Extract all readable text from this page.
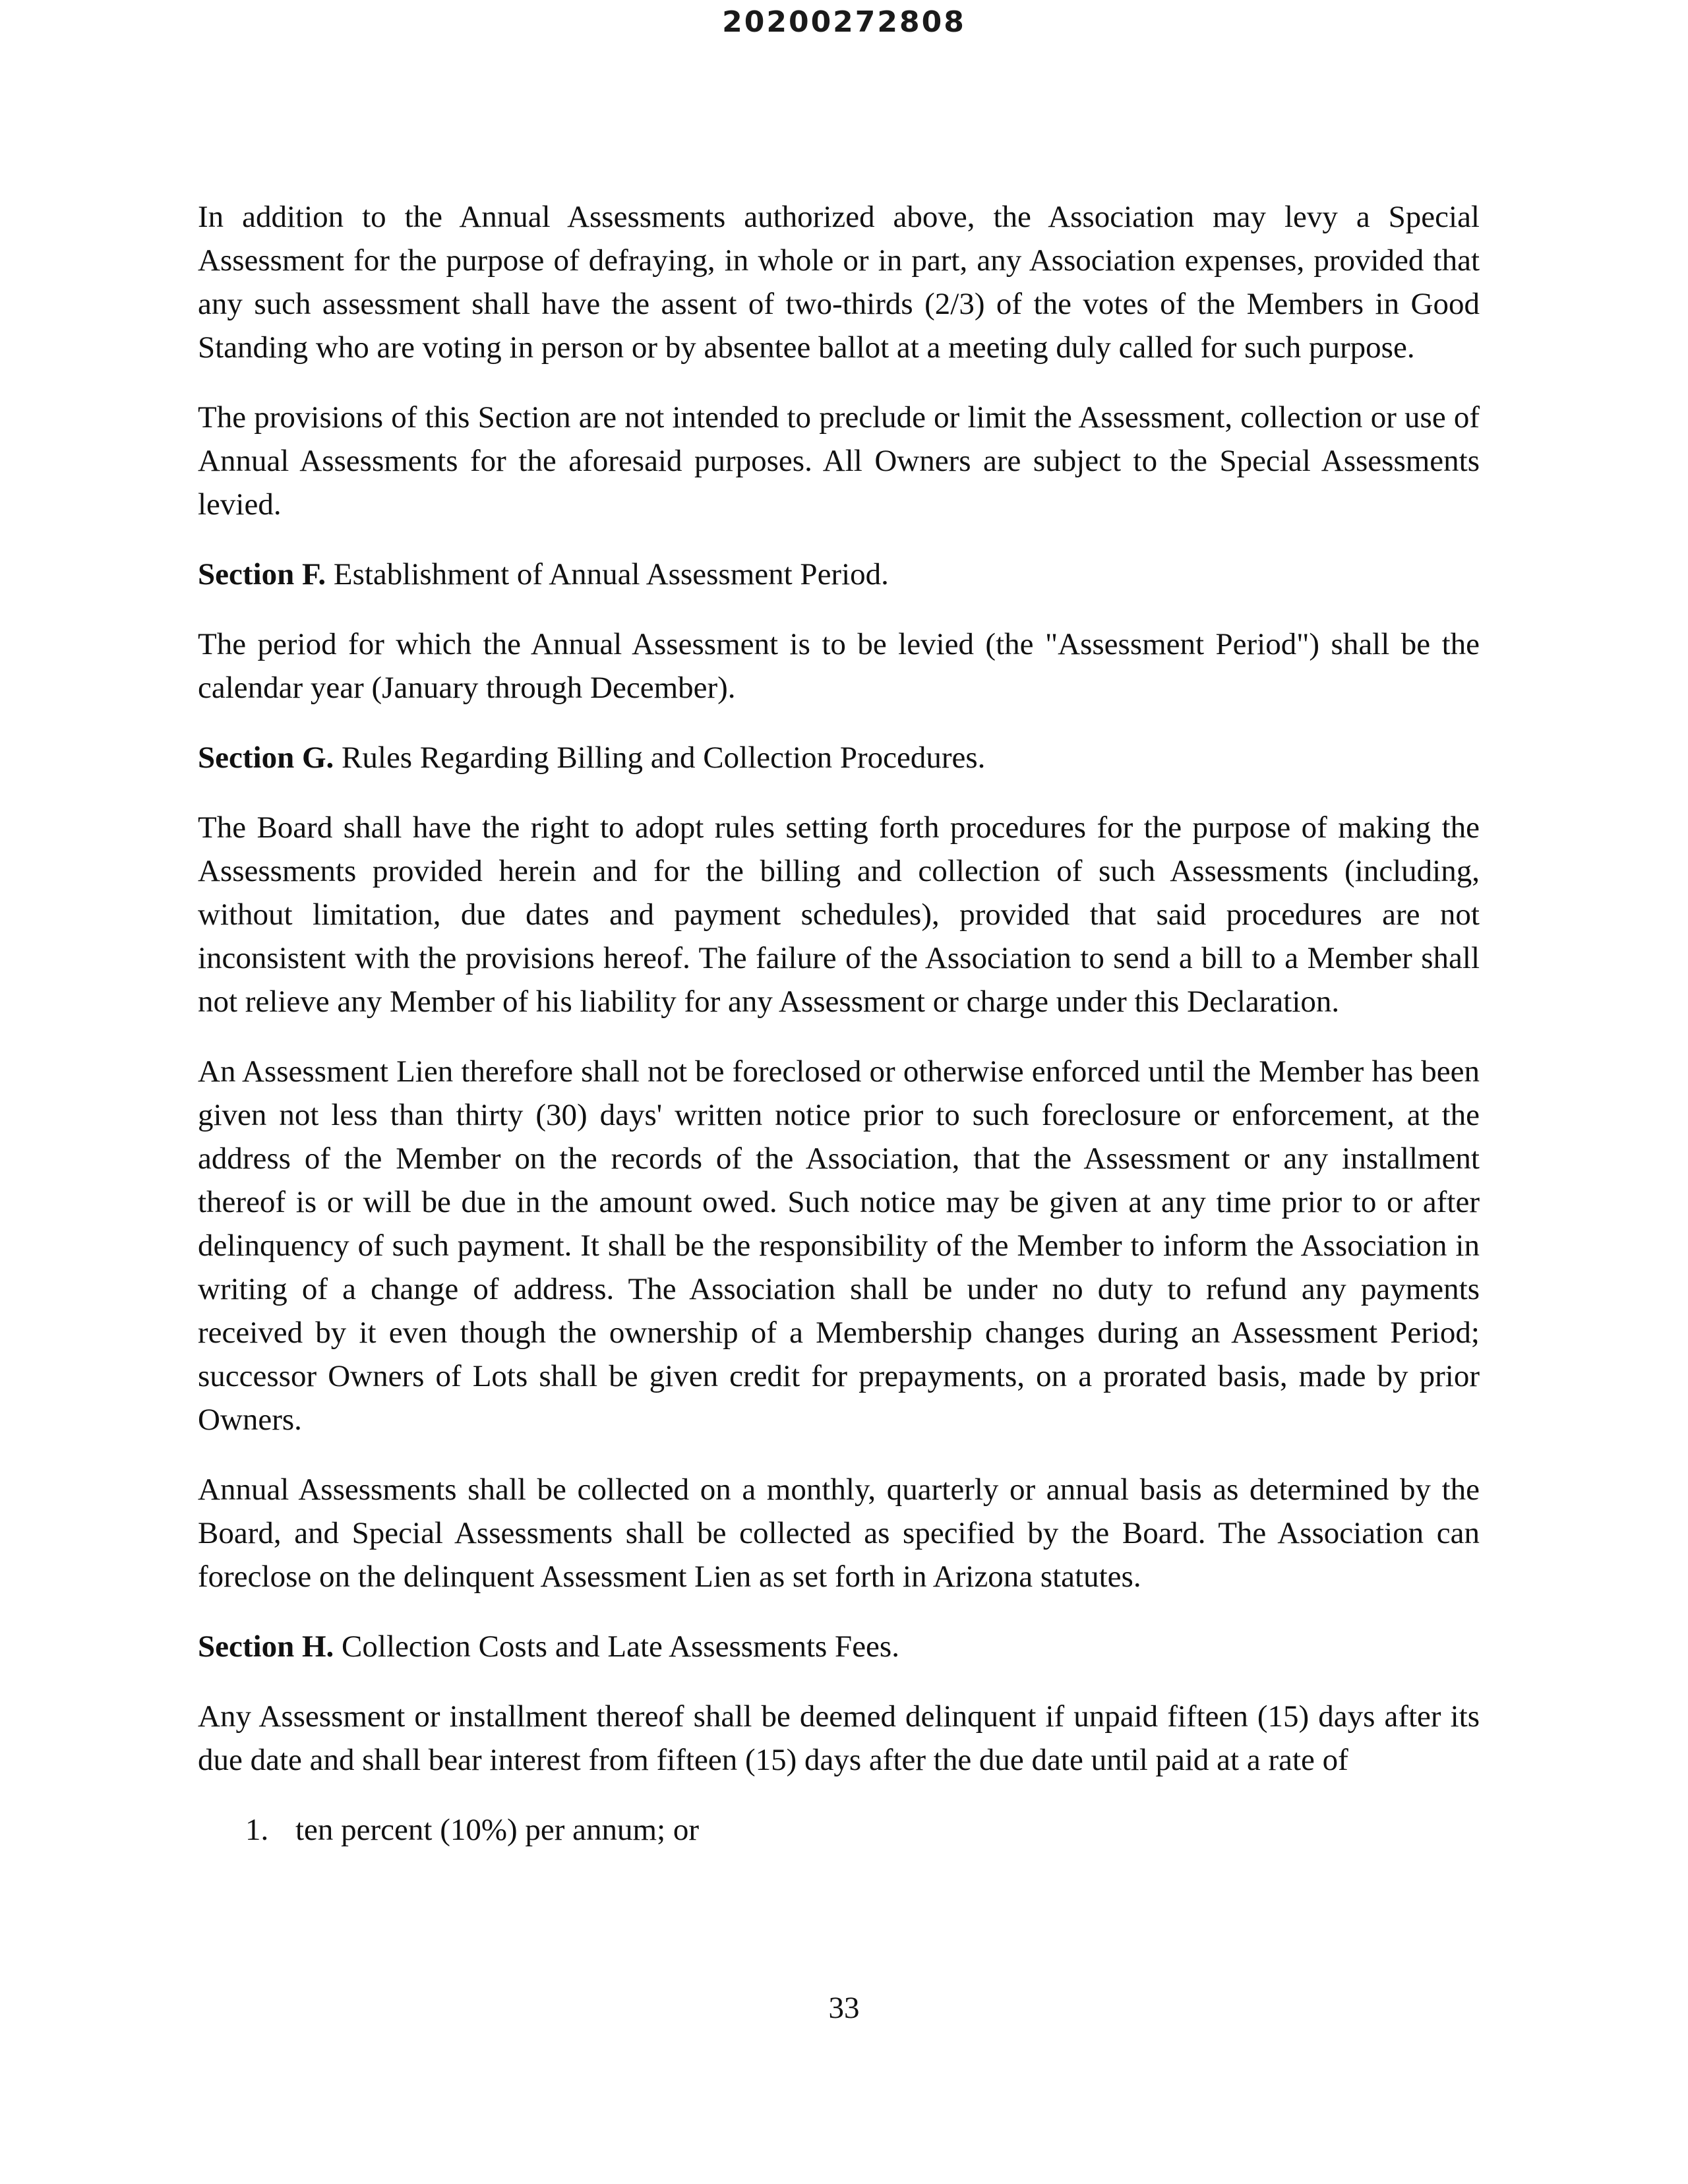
20200272808

In addition to the Annual Assessments authorized above, the Association may levy a Special Assessment for the purpose of defraying, in whole or in part, any Association expenses, provided that any such assessment shall have the assent of two-thirds (2/3) of the votes of the Members in Good Standing who are voting in person or by absentee ballot at a meeting duly called for such purpose.

The provisions of this Section are not intended to preclude or limit the Assessment, collection or use of Annual Assessments for the aforesaid purposes. All Owners are subject to the Special Assessments levied.

Section F. Establishment of Annual Assessment Period.

The period for which the Annual Assessment is to be levied (the "Assessment Period") shall be the calendar year (January through December).

Section G. Rules Regarding Billing and Collection Procedures.

The Board shall have the right to adopt rules setting forth procedures for the purpose of making the Assessments provided herein and for the billing and collection of such Assessments (including, without limitation, due dates and payment schedules), provided that said procedures are not inconsistent with the provisions hereof. The failure of the Association to send a bill to a Member shall not relieve any Member of his liability for any Assessment or charge under this Declaration.

An Assessment Lien therefore shall not be foreclosed or otherwise enforced until the Member has been given not less than thirty (30) days' written notice prior to such foreclosure or enforcement, at the address of the Member on the records of the Association, that the Assessment or any installment thereof is or will be due in the amount owed. Such notice may be given at any time prior to or after delinquency of such payment. It shall be the responsibility of the Member to inform the Association in writing of a change of address. The Association shall be under no duty to refund any payments received by it even though the ownership of a Membership changes during an Assessment Period; successor Owners of Lots shall be given credit for prepayments, on a prorated basis, made by prior Owners.

Annual Assessments shall be collected on a monthly, quarterly or annual basis as determined by the Board, and Special Assessments shall be collected as specified by the Board. The Association can foreclose on the delinquent Assessment Lien as set forth in Arizona statutes.

Section H. Collection Costs and Late Assessments Fees.

Any Assessment or installment thereof shall be deemed delinquent if unpaid fifteen (15) days after its due date and shall bear interest from fifteen (15) days after the due date until paid at a rate of

1. ten percent (10%) per annum; or
33
